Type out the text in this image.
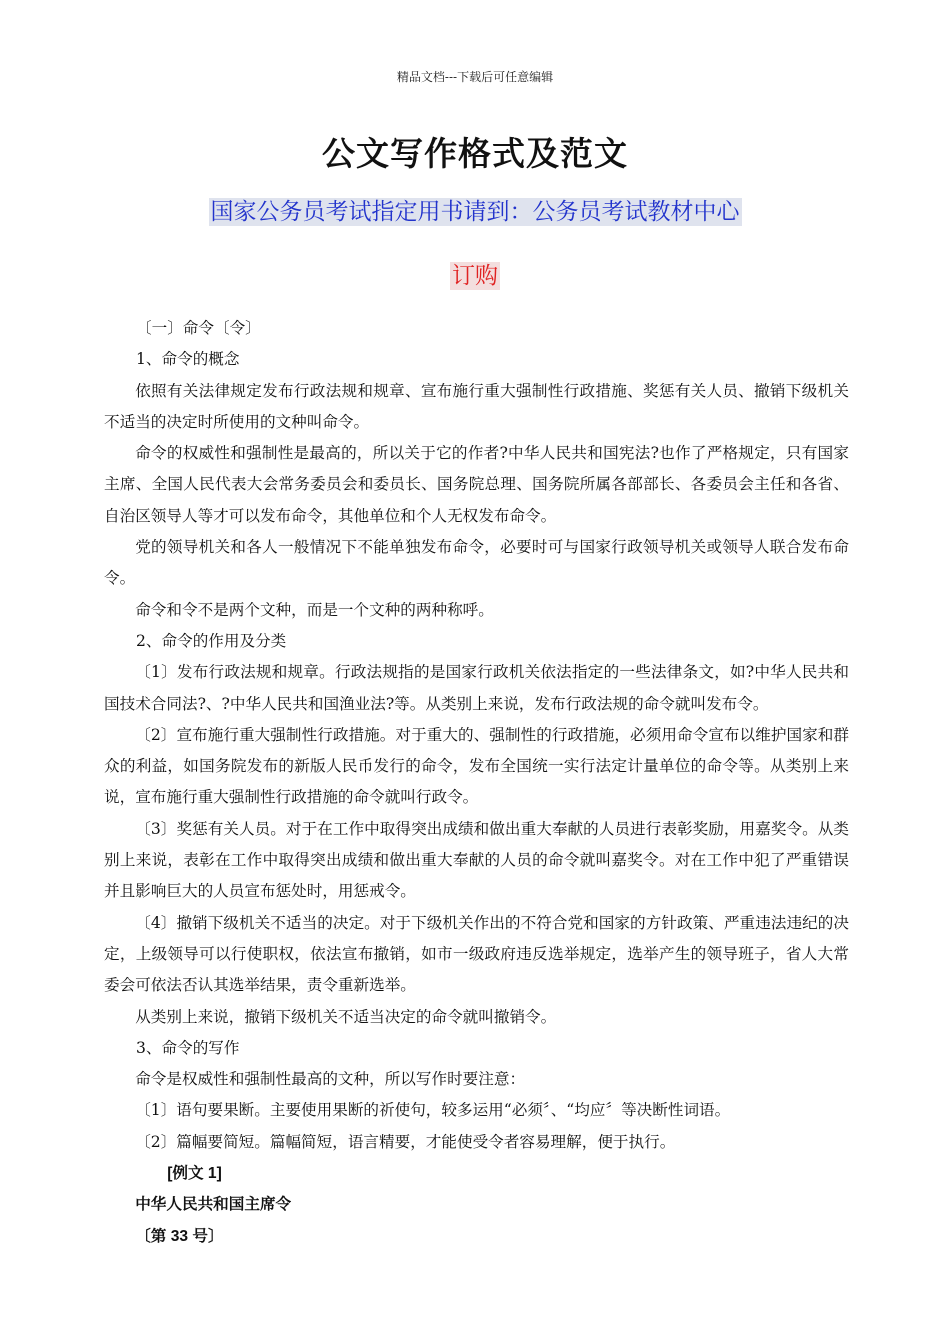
精品文档---下载后可任意编辑
公文写作格式及范文
国家公务员考试指定用书请到：公务员考试教材中心
订购

〔一〕命令〔令〕

1、命令的概念

依照有关法律规定发布行政法规和规章、宣布施行重大强制性行政措施、奖惩有关人员、撤销下级机关不适当的决定时所使用的文种叫命令。

命令的权威性和强制性是最高的，所以关于它的作者?中华人民共和国宪法?也作了严格规定，只有国家主席、全国人民代表大会常务委员会和委员长、国务院总理、国务院所属各部部长、各委员会主任和各省、自治区领导人等才可以发布命令，其他单位和个人无权发布命令。

党的领导机关和各人一般情况下不能单独发布命令，必要时可与国家行政领导机关或领导人联合发布命令。

命令和令不是两个文种，而是一个文种的两种称呼。

2、命令的作用及分类

〔1〕发布行政法规和规章。行政法规指的是国家行政机关依法指定的一些法律条文，如?中华人民共和国技术合同法?、?中华人民共和国渔业法?等。从类别上来说，发布行政法规的命令就叫发布令。

〔2〕宣布施行重大强制性行政措施。对于重大的、强制性的行政措施，必须用命令宣布以维护国家和群众的利益，如国务院发布的新版人民币发行的命令，发布全国统一实行法定计量单位的命令等。从类别上来说，宣布施行重大强制性行政措施的命令就叫行政令。

〔3〕奖惩有关人员。对于在工作中取得突出成绩和做出重大奉献的人员进行表彰奖励，用嘉奖令。从类别上来说，表彰在工作中取得突出成绩和做出重大奉献的人员的命令就叫嘉奖令。对在工作中犯了严重错误并且影响巨大的人员宣布惩处时，用惩戒令。

〔4〕撤销下级机关不适当的决定。对于下级机关作出的不符合党和国家的方针政策、严重违法违纪的决定，上级领导可以行使职权，依法宣布撤销，如市一级政府违反选举规定，选举产生的领导班子，省人大常委会可依法否认其选举结果，责令重新选举。

从类别上来说，撤销下级机关不适当决定的命令就叫撤销令。

3、命令的写作

命令是权威性和强制性最高的文种，所以写作时要注意：

〔1〕语句要果断。主要使用果断的祈使句，较多运用“必须〞、“均应〞等决断性词语。

〔2〕篇幅要简短。篇幅简短，语言精要，才能使受令者容易理解，便于执行。

[例文 1]

中华人民共和国主席令

〔第 33 号〕
